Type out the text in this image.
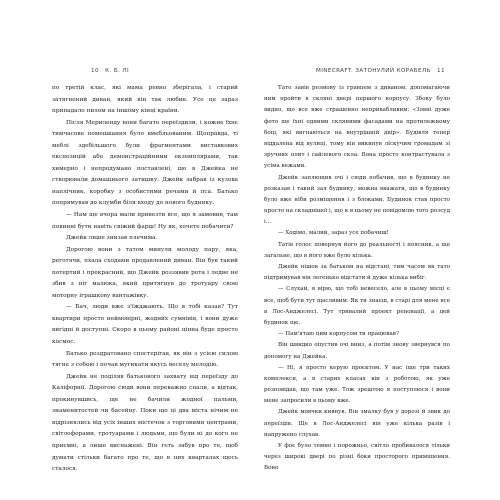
10 К. Б. ЛІ	MINECRAFT. ЗАТОНУЛИЙ КОРАБЕЛЬ 11

по третій клас, які мама ревно зберігала, і старий затягнений диван, який він так любив. Усе це зараз припадало пилом на іншому кінці країни.

Після Мериленду вони багато переїздили, і кожне їхнє тимчасове помешкання було вмебльованим. Щоправда, ті меблі здебільшого були фрагментами виставкових експозицій або демонстраційними екземплярами, так химерно і непродумано поставлені, що в Джейка не створювали домашнього затишку. Джейк забрав із кузова наплічник, коробку з особистими речами й пса. Батько попрямував до клумби біля входу до нового будинку.

— Нам ще вчора мали привезти все, що я замовив, там повинні бути навіть свіжий фарш! Ну як, хочете побачити?

Джейк лише знизав плечима.

Дорогою вони з татом минули молоду пару, яка, реготячи, пхала сходами продавлений диван. Він був такий потертий і прекрасний, що Джейк роззявив рота і ледве не збив з ніг малюка, який притягнув до тротуару свою моторну іграшкову вантажівку.

— Бач, люди вже з'їжджають. Що я тобі казав? Тут квартири просто неймовірні, жодних сумнівів, і вони дуже вигідні й доступні. Скоро в цьому районі цінна буде просто космос.

Батько роздратовано спостерігав, як він з усією силою тягне з собою і почав мугикати якусь веселу мелодію.

Джейк не поділяв батькового захвату від переїзду до Каліфорнії. Дорогою сюди вони переважно спали, а відтак, прокинувшись, ще не бачили жодної пальми, знаменитостей чи басейну. Поки що ці два міста нічим не відрізнялись від усіх інших містечок з торговими центрами, світлофорами, тротуарами і людьми, що були ні до кого не приємні, а лише виснажені. Він геть забув про те, щоб думати стільки багато про те, що в цих кварталах щось сталося.

Тато завів розмову із гравцем з диваном, допомагаючи ним пройти в скляні двері першого корпусу. Збоку було видно, що все вже страшенно непривабливим: «Зовні дуже фото ще їхні одними скляними фасадами на протилежному боці, які вигнаються на внутрішній двір». Будівля тепер віддалена від вулиці, тому він викинув ліскучим громадам зі зручних плит і сайлевого скла. Вона просто контрастувала з усіма вежами.

Джейк заплющив очі і сюди побачив, що в будинку не розказав і такий зал будинку, можна вважати, що в будинку було вже ніби розміщення і з блоками. Будинок став просто просто на складнішої і, що я в цьому не повідомлю того розсуд і...

— Ходімо, малий, зараз усе побачиш!

Татів голос повернув його до реальності і пояснив, а ще загальне, що в його вже було кілька.

Джейк пішов за батьком на відстані, тим часом як тато підтримував він легенько відстати й дуже кілька вибіг.

— Слухай, я вірю, що тобі невесело, але в цьому місці є все, щоб бути тут щасливим. Як ти знаєш, в старі для мене все в Лос-Анджелесі. Тут тривалий проект реновації, а цей будинок ще.

— Пам'ятаю цим корпусом ти працював?

Він швидко опустив очі вниз, а потім знову звернувся по допомогу на Джейка.

— Ні, я просто керую проєктом. У нас іще три таких комплекси, а в старих класах він з роботою, як уже розповідав, що там уже. Тож зрештою я поступлюся і вони мене запросили в цьому вже.

Джейк мовчки кивнув. Він змалку був у дорозі й звик до переїздів. Ще в Лос-Анджелесі він уже кілька разів і напружено слухав.

У фоє було темно і порожньо, світло пробивалося тільки через широкі двері по різні боки просторого приміщення. Воно
